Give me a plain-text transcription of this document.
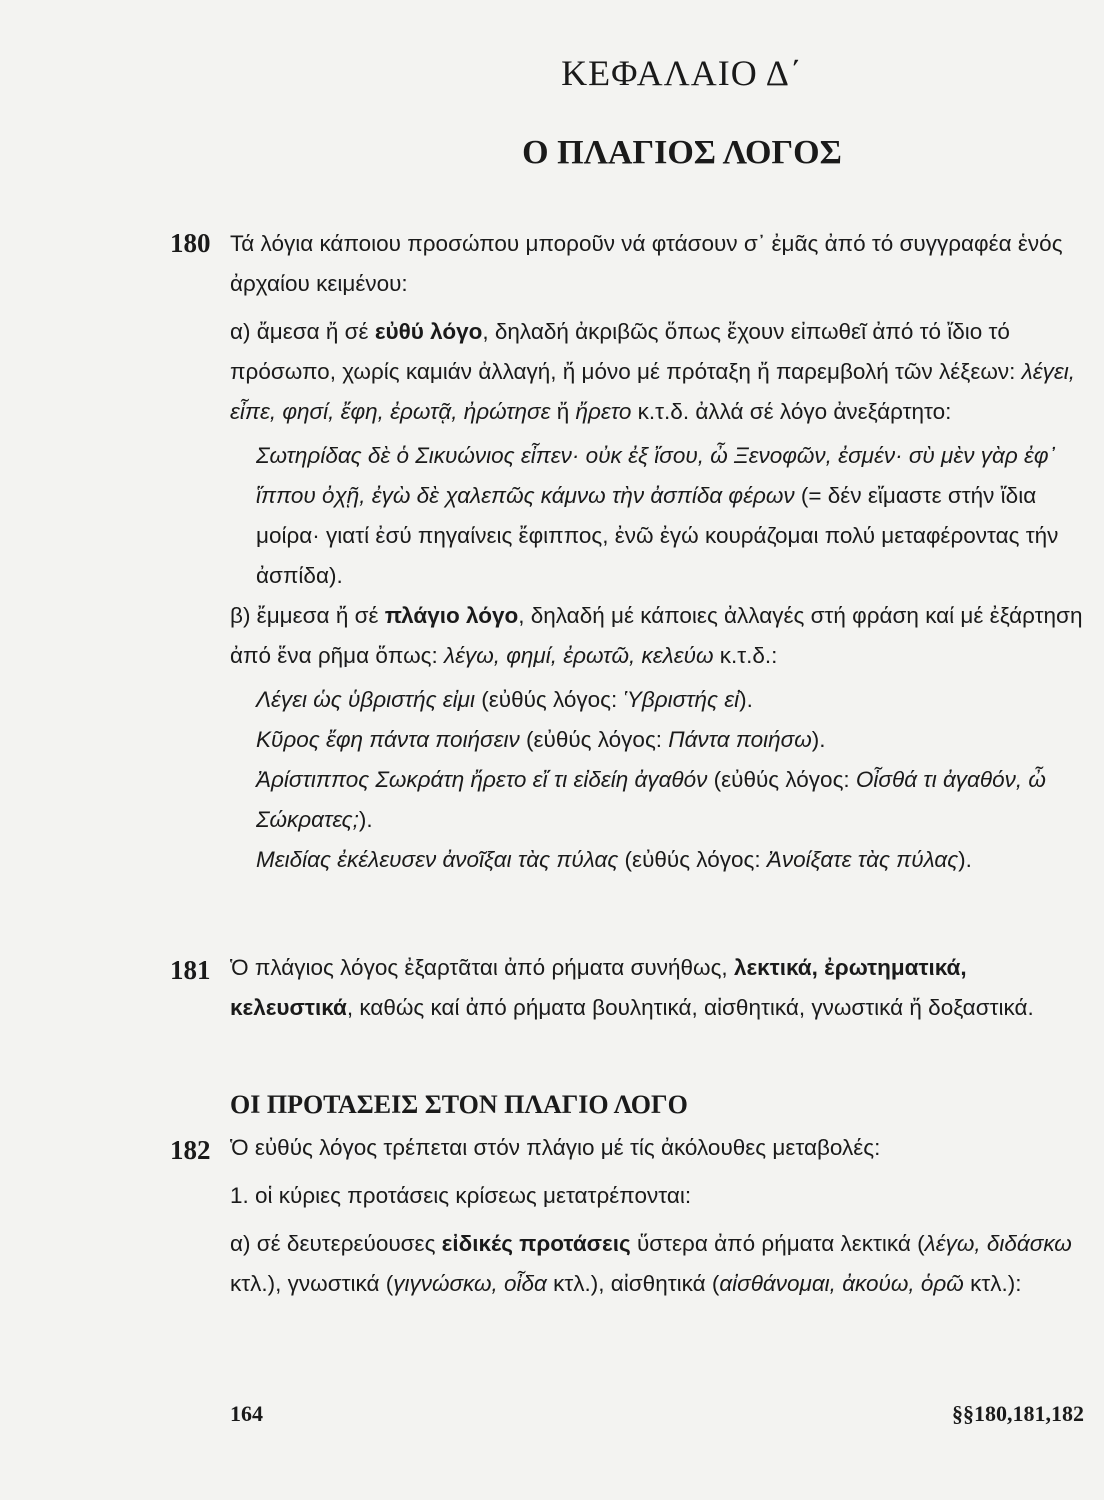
ΚΕΦΑΛΑΙΟ Δ΄
Ο ΠΛΑΓΙΟΣ ΛΟΓΟΣ
180 Τά λόγια κάποιου προσώπου μποροῦν νά φτάσουν σ᾽ ἐμᾶς ἀπό τό συγγραφέα ἑνός ἀρχαίου κειμένου:

α) ἄμεσα ἤ σέ εὐθύ λόγο, δηλαδή ἀκριβῶς ὅπως ἔχουν εἰπωθεῖ ἀπό τό ἴδιο τό πρόσωπο, χωρίς καμιάν ἀλλαγή, ἤ μόνο μέ πρόταξη ἤ παρεμβολή τῶν λέξεων: λέγει, εἶπε, φησί, ἔφη, ἐρωτᾷ, ἠρώτησε ἤ ἤρετο κ.τ.δ. ἀλλά σέ λόγο ἀνεξάρτητο:

Σωτηρίδας δὲ ὁ Σικυώνιος εἶπεν· οὐκ ἐξ ἴσου, ὦ Ξενοφῶν, ἐσμέν· σὺ μὲν γὰρ ἐφ᾽ ἵππου ὀχῇ, ἐγὼ δὲ χαλεπῶς κάμνω τὴν ἀσπίδα φέρων (= δέν εἴμαστε στήν ἴδια μοίρα· γιατί ἐσύ πηγαίνεις ἔφιππος, ἐνῶ ἐγώ κουράζομαι πολύ μεταφέροντας τήν ἀσπίδα).

β) ἔμμεσα ἤ σέ πλάγιο λόγο, δηλαδή μέ κάποιες ἀλλαγές στή φράση καί μέ ἐξάρτηση ἀπό ἕνα ρῆμα ὅπως: λέγω, φημί, ἐρωτῶ, κελεύω κ.τ.δ.:

Λέγει ὡς ὑβριστής εἰμι (εὐθύς λόγος: Ὑβριστής εἰ).

Κῦρος ἔφη πάντα ποιήσειν (εὐθύς λόγος: Πάντα ποιήσω).

Ἀρίστιππος Σωκράτη ἤρετο εἴ τι εἰδείη ἀγαθόν (εὐθύς λόγος: Οἶσθά τι ἀγαθόν, ὦ Σώκρατες;).

Μειδίας ἐκέλευσεν ἀνοῖξαι τὰς πύλας (εὐθύς λόγος: Ἀνοίξατε τὰς πύλας).

181 Ὁ πλάγιος λόγος ἐξαρτᾶται ἀπό ρήματα συνήθως, λεκτικά, ἐρωτηματικά, κελευστικά, καθώς καί ἀπό ρήματα βουλητικά, αἰσθητικά, γνωστικά ἤ δοξαστικά.

ΟΙ ΠΡΟΤΑΣΕΙΣ ΣΤΟΝ ΠΛΑΓΙΟ ΛΟΓΟ
182 Ὁ εὐθύς λόγος τρέπεται στόν πλάγιο μέ τίς ἀκόλουθες μεταβολές:

1. οἱ κύριες προτάσεις κρίσεως μετατρέπονται:

α) σέ δευτερεύουσες εἰδικές προτάσεις ὕστερα ἀπό ρήματα λεκτικά (λέγω, διδάσκω κτλ.), γνωστικά (γιγνώσκω, οἶδα κτλ.), αἰσθητικά (αἰσθάνομαι, ἀκούω, ὁρῶ κτλ.):

164	§§180,181,182
